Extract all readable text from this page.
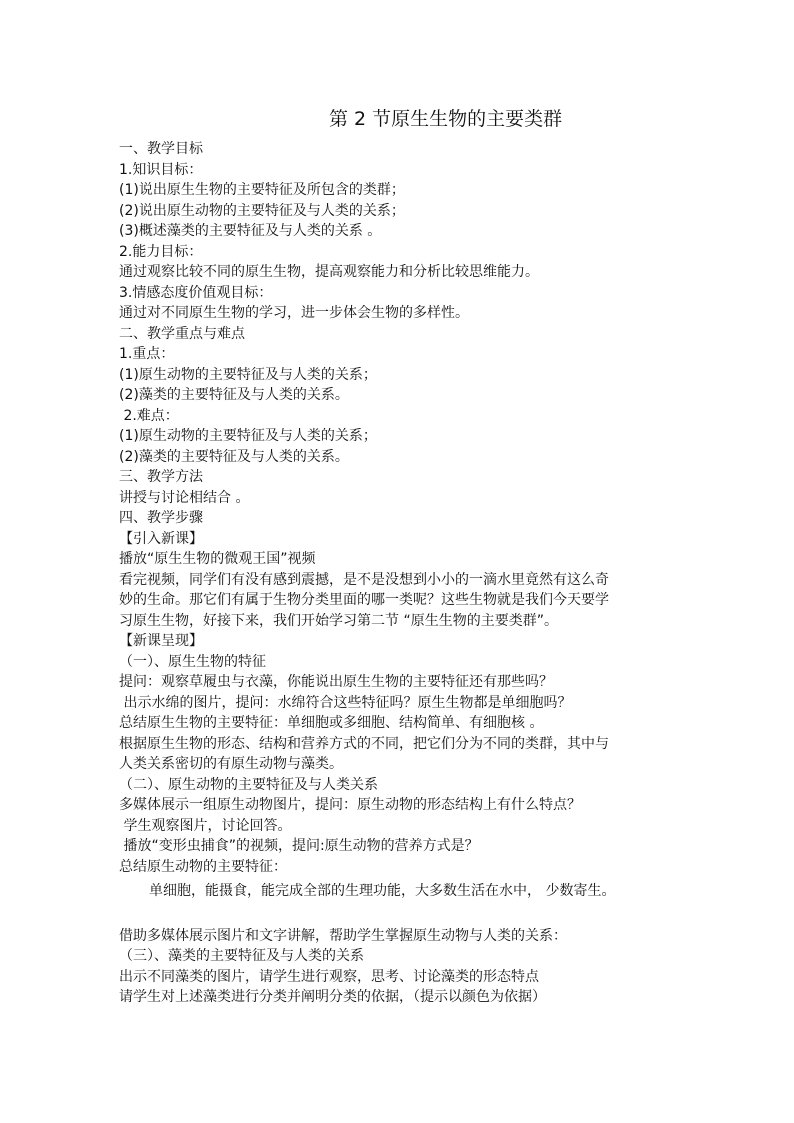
第 2 节原生生物的主要类群
一、教学目标
1.知识目标：
(1)说出原生生物的主要特征及所包含的类群；
(2)说出原生动物的主要特征及与人类的关系；
(3)概述藻类的主要特征及与人类的关系 。
2.能力目标：
通过观察比较不同的原生生物，提高观察能力和分析比较思维能力。
3.情感态度价值观目标：
通过对不同原生生物的学习，进一步体会生物的多样性。
二、教学重点与难点
1.重点：
(1)原生动物的主要特征及与人类的关系；
(2)藻类的主要特征及与人类的关系。
2.难点：
(1)原生动物的主要特征及与人类的关系；
(2)藻类的主要特征及与人类的关系。
三、教学方法
讲授与讨论相结合 。
四、教学步骤
【引入新课】
播放“原生生物的微观王国”视频
看完视频，同学们有没有感到震撼，是不是没想到小小的一滴水里竟然有这么奇
妙的生命。那它们有属于生物分类里面的哪一类呢？这些生物就是我们今天要学
习原生生物，好接下来，我们开始学习第二节 “原生生物的主要类群”。
【新课呈现】
（一）、原生生物的特征
提问：观察草履虫与衣藻，你能说出原生生物的主要特征还有那些吗？
出示水绵的图片，提问：水绵符合这些特征吗？原生生物都是单细胞吗？
总结原生生物的主要特征：单细胞或多细胞、结构简单、有细胞核 。
根据原生生物的形态、结构和营养方式的不同，把它们分为不同的类群，其中与
人类关系密切的有原生动物与藻类。
（二）、原生动物的主要特征及与人类关系
多媒体展示一组原生动物图片，提问：原生动物的形态结构上有什么特点？
学生观察图片，讨论回答。
播放“变形虫捕食”的视频，提问:原生动物的营养方式是？
总结原生动物的主要特征：
单细胞，能摄食，能完成全部的生理功能，大多数生活在水中， 少数寄生。
借助多媒体展示图片和文字讲解，帮助学生掌握原生动物与人类的关系：
（三）、藻类的主要特征及与人类的关系
出示不同藻类的图片，请学生进行观察，思考、讨论藻类的形态特点
请学生对上述藻类进行分类并阐明分类的依据，（提示以颜色为依据）
